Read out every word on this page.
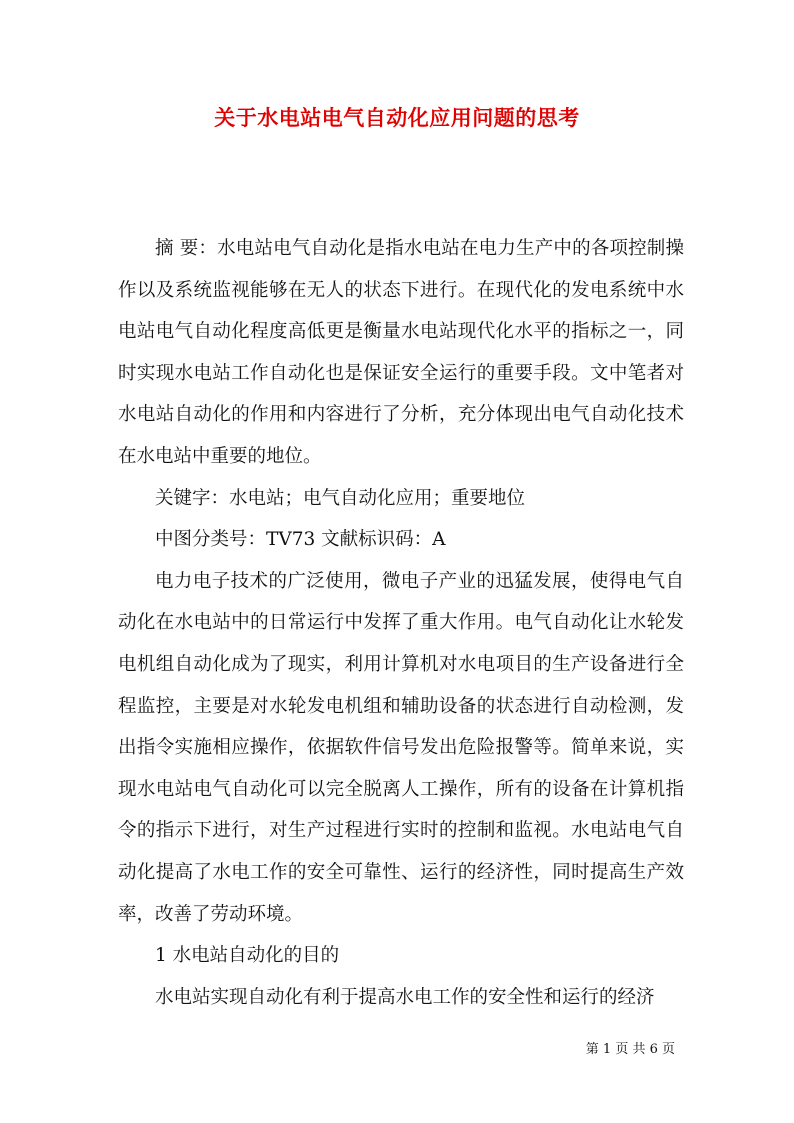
关于水电站电气自动化应用问题的思考

摘 要：水电站电气自动化是指水电站在电力生产中的各项控制操作以及系统监视能够在无人的状态下进行。在现代化的发电系统中水电站电气自动化程度高低更是衡量水电站现代化水平的指标之一，同时实现水电站工作自动化也是保证安全运行的重要手段。文中笔者对水电站自动化的作用和内容进行了分析，充分体现出电气自动化技术在水电站中重要的地位。

关键字：水电站；电气自动化应用；重要地位

中图分类号：TV73 文献标识码：A

电力电子技术的广泛使用，微电子产业的迅猛发展，使得电气自动化在水电站中的日常运行中发挥了重大作用。电气自动化让水轮发电机组自动化成为了现实，利用计算机对水电项目的生产设备进行全程监控，主要是对水轮发电机组和辅助设备的状态进行自动检测，发出指令实施相应操作，依据软件信号发出危险报警等。简单来说，实现水电站电气自动化可以完全脱离人工操作，所有的设备在计算机指令的指示下进行，对生产过程进行实时的控制和监视。水电站电气自动化提高了水电工作的安全可靠性、运行的经济性，同时提高生产效率，改善了劳动环境。

1 水电站自动化的目的

水电站实现自动化有利于提高水电工作的安全性和运行的经济

第 1 页 共 6 页
